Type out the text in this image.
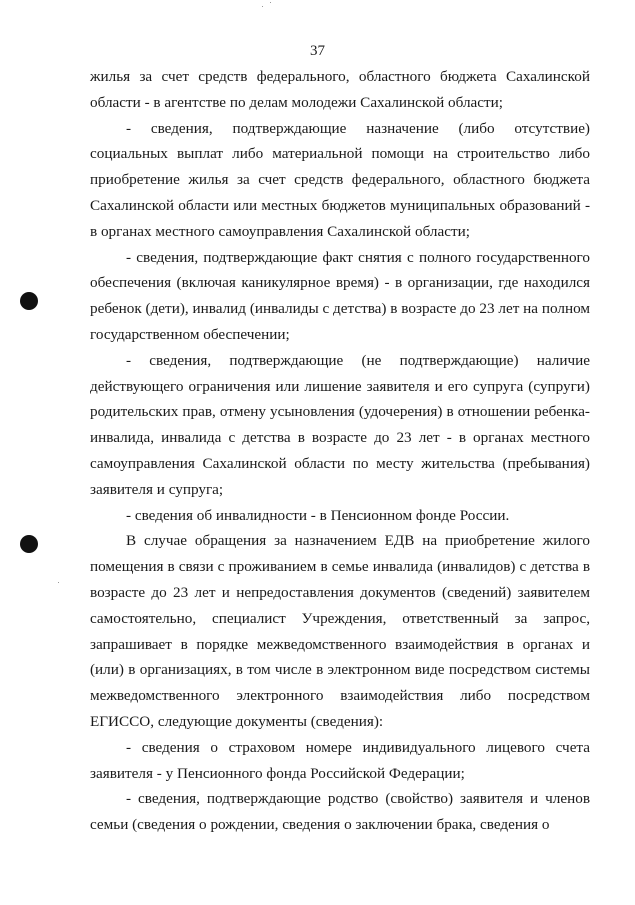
37

жилья за счет средств федерального, областного бюджета Сахалинской области - в агентстве по делам молодежи Сахалинской области;

- сведения, подтверждающие назначение (либо отсутствие) социальных выплат либо материальной помощи на строительство либо приобретение жилья за счет средств федерального, областного бюджета Сахалинской области или местных бюджетов муниципальных образований - в органах местного самоуправления Сахалинской области;

- сведения, подтверждающие факт снятия с полного государственного обеспечения (включая каникулярное время) - в организации, где находился ребенок (дети), инвалид (инвалиды с детства) в возрасте до 23 лет на полном государственном обеспечении;

- сведения, подтверждающие (не подтверждающие) наличие действующего ограничения или лишение заявителя и его супруга (супруги) родительских прав, отмену усыновления (удочерения) в отношении ребенка-инвалида, инвалида с детства в возрасте до 23 лет - в органах местного самоуправления Сахалинской области по месту жительства (пребывания) заявителя и супруга;

- сведения об инвалидности - в Пенсионном фонде России.

В случае обращения за назначением ЕДВ на приобретение жилого помещения в связи с проживанием в семье инвалида (инвалидов) с детства в возрасте до 23 лет и непредоставления документов (сведений) заявителем самостоятельно, специалист Учреждения, ответственный за запрос, запрашивает в порядке межведомственного взаимодействия в органах и (или) в организациях, в том числе в электронном виде посредством системы межведомственного электронного взаимодействия либо посредством ЕГИССО, следующие документы (сведения):

- сведения о страховом номере индивидуального лицевого счета заявителя - у Пенсионного фонда Российской Федерации;

- сведения, подтверждающие родство (свойство) заявителя и членов семьи (сведения о рождении, сведения о заключении брака, сведения о
